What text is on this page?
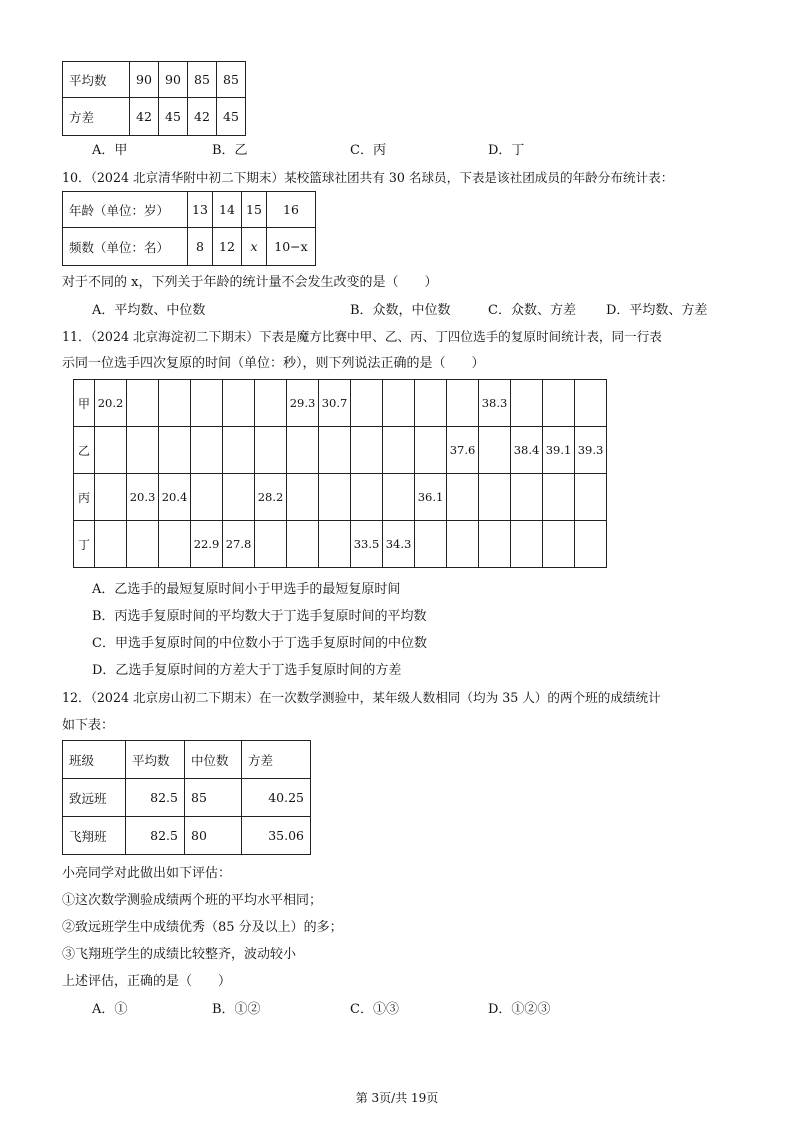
平均数	90	90	85	85
方差	42	45	42	45
A．甲	B．乙	C．丙	D．丁
10．（2024 北京清华附中初二下期末）某校篮球社团共有 30 名球员，下表是该社团成员的年龄分布统计表：
年龄（单位：岁）	13	14	15	16
频数（单位：名）	8	12	x	10−x
对于不同的 x，下列关于年龄的统计量不会发生改变的是（　　）
A．平均数、中位数	B．众数，中位数	C．众数、方差 D．平均数、方差
11．（2024 北京海淀初二下期末）下表是魔方比赛中甲、乙、丙、丁四位选手的复原时间统计表，同一行表
示同一位选手四次复原的时间（单位：秒），则下列说法正确的是（　　）
甲	20.2						29.3	30.7					38.3			
乙												37.6		38.4	39.1	39.3
丙		20.3	20.4			28.2					36.1					
丁				22.9	27.8				33.5	34.3						
A．乙选手的最短复原时间小于甲选手的最短复原时间
B．丙选手复原时间的平均数大于丁选手复原时间的平均数
C．甲选手复原时间的中位数小于丁选手复原时间的中位数
D．乙选手复原时间的方差大于丁选手复原时间的方差
12．（2024 北京房山初二下期末）在一次数学测验中，某年级人数相同（均为 35 人）的两个班的成绩统计
如下表：
班级	平均数	中位数	方差
致远班	82.5	85	40.25
飞翔班	82.5	80	35.06
小亮同学对此做出如下评估：
①这次数学测验成绩两个班的平均水平相同；
②致远班学生中成绩优秀（85 分及以上）的多；
③飞翔班学生的成绩比较整齐，波动较小
上述评估，正确的是（　　）
A．①	B．①②	C．①③	D．①②③
第 3页/共 19页
